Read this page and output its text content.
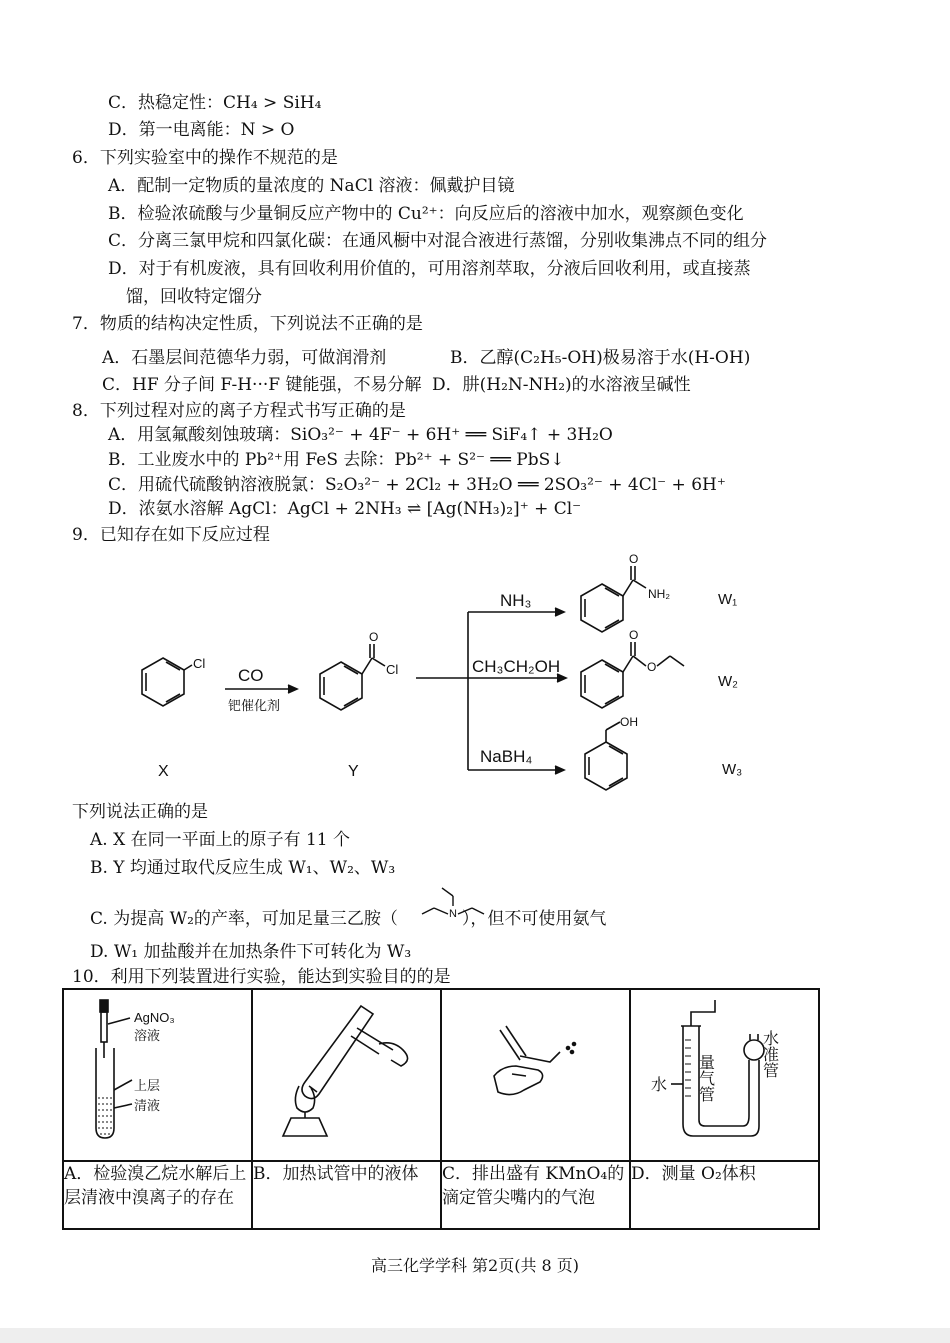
C．热稳定性：CH₄ > SiH₄
D．第一电离能：N > O
6．下列实验室中的操作不规范的是
A．配制一定物质的量浓度的 NaCl 溶液：佩戴护目镜
B．检验浓硫酸与少量铜反应产物中的 Cu²⁺：向反应后的溶液中加水，观察颜色变化
C．分离三氯甲烷和四氯化碳：在通风橱中对混合液进行蒸馏，分别收集沸点不同的组分
D．对于有机废液，具有回收利用价值的，可用溶剂萃取，分液后回收利用，或直接蒸
馏，回收特定馏分
7．物质的结构决定性质，下列说法不正确的是
A．石墨层间范德华力弱，可做润滑剂	B．乙醇(C₂H₅-OH)极易溶于水(H-OH)
C．HF 分子间 F-H···F 键能强，不易分解 D．肼(H₂N-NH₂)的水溶液呈碱性
8．下列过程对应的离子方程式书写正确的是
A．用氢氟酸刻蚀玻璃：SiO₃²⁻ + 4F⁻ + 6H⁺ ══ SiF₄↑ + 3H₂O
B．工业废水中的 Pb²⁺用 FeS 去除：Pb²⁺ + S²⁻ ══ PbS↓
C．用硫代硫酸钠溶液脱氯：S₂O₃²⁻ + 2Cl₂ + 3H₂O ══ 2SO₃²⁻ + 4Cl⁻ + 6H⁺
D．浓氨水溶解 AgCl：AgCl + 2NH₃ ⇌ [Ag(NH₃)₂]⁺ + Cl⁻
9．已知存在如下反应过程
Cl
CO
钯催化剂
Cl
O
X	Y
NH₃
CH₃CH₂OH
NaBH₄
O
NH₂
O
O
OH
W₁
W₂
W₃
下列说法正确的是
A. X 在同一平面上的原子有 11 个
B. Y 均通过取代反应生成 W₁、W₂、W₃
C. 为提高 W₂的产率，可加足量三乙胺（	），但不可使用氨气
N
D. W₁ 加盐酸并在加热条件下可转化为 W₃
10．利用下列装置进行实验，能达到实验目的的是
AgNO₃
溶液
上层
清液			水 量气管 水准管

A．检验溴乙烷水解后上层清液中溴离子的存在	B．加热试管中的液体	C．排出盛有 KMnO₄的滴定管尖嘴内的气泡	D．测量 O₂体积
高三化学学科 第2页(共 8 页)
